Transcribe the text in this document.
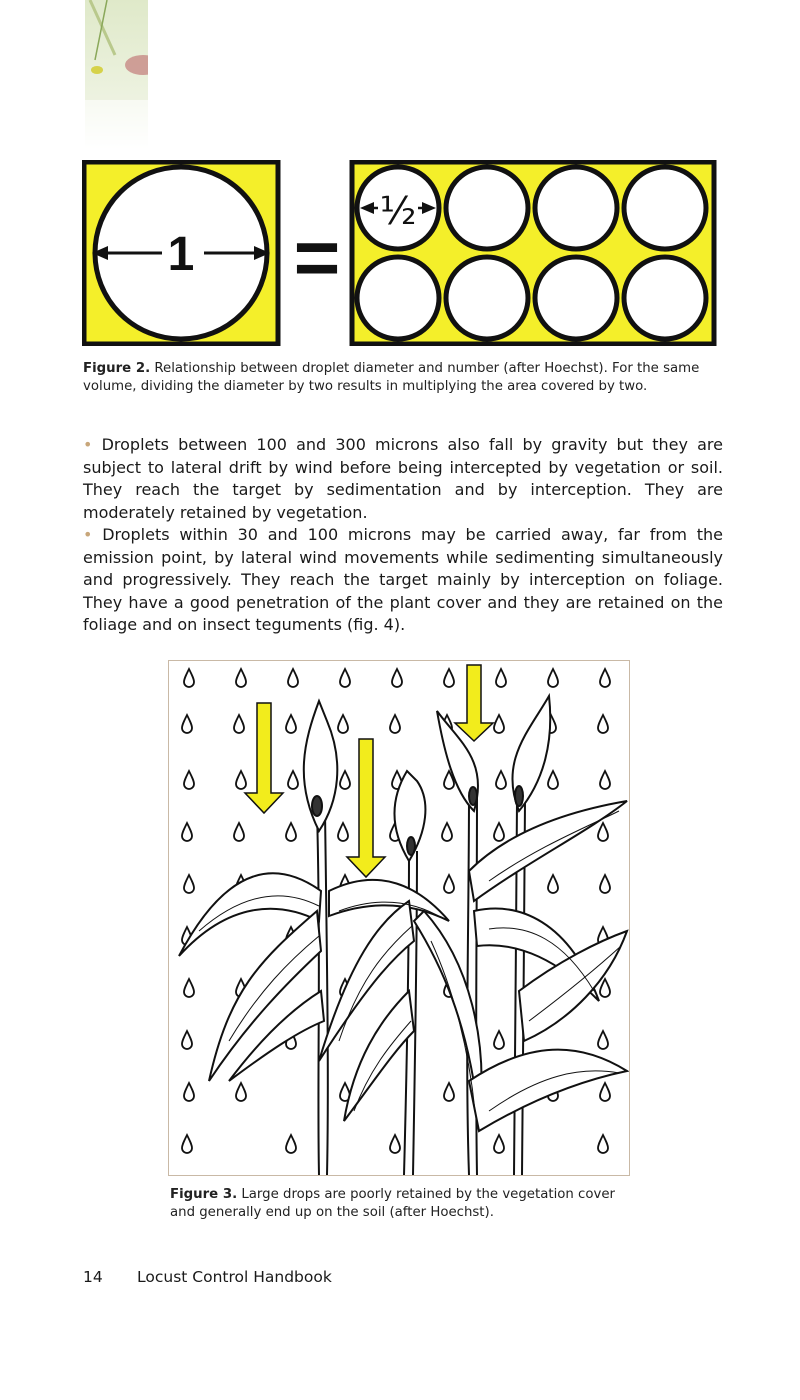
1 =
½
Figure 2. Relationship between droplet diameter and number (after Hoechst). For the same volume, dividing the diameter by two results in multiplying the area covered by two.

• Droplets between 100 and 300 microns also fall by gravity but they are subject to lateral drift by wind before being intercepted by vegetation or soil. They reach the target by sedimentation and by interception. They are moderately retained by vegetation.

• Droplets within 30 and 100 microns may be carried away, far from the emission point, by lateral wind movements while sedimenting simultaneously and progressively. They reach the target mainly by interception on foliage. They have a good penetration of the plant cover and they are retained on the foliage and on insect teguments (fig. 4).

Figure 3. Large drops are poorly retained by the vegetation cover and generally end up on the soil (after Hoechst).
14 Locust Control Handbook
